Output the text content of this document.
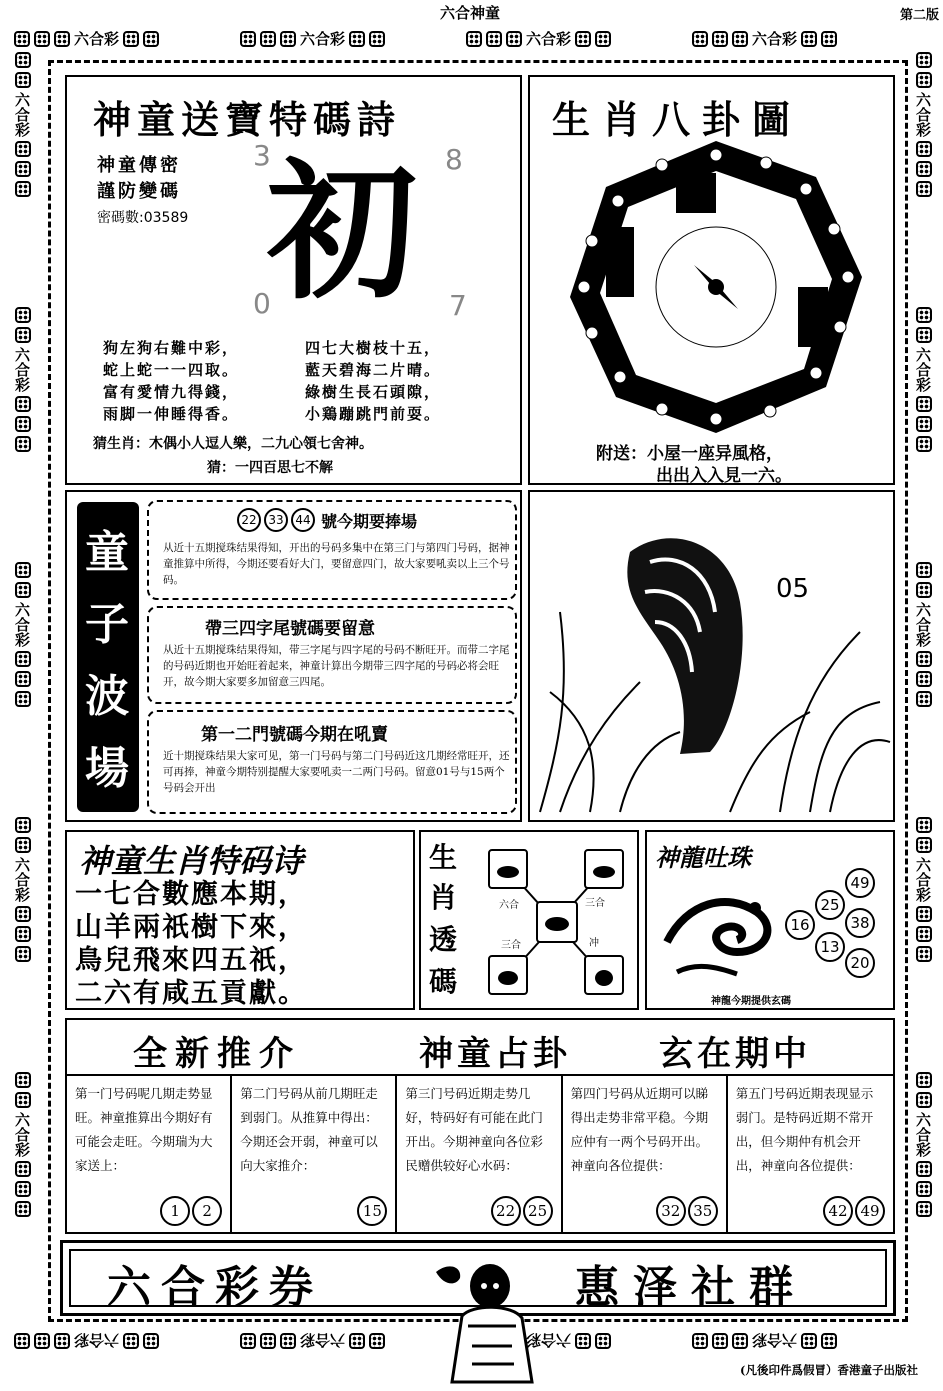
六合神童	第二版
六合彩	六合彩	六合彩	六合彩
六合彩	六合彩	六合彩	六合彩
六合彩
六合彩
六合彩
六合彩
六合彩
六合彩
六合彩
六合彩
六合彩
六合彩
神童送寶特碼詩
神童傳密
謹防變碼
密碼數:03589
3	8
0	7
初
狗左狗右難中彩，
蛇上蛇一一四取。
富有愛情九得錢，
雨脚一伸睡得香。
四七大樹枝十五，
藍天碧海二片晴。
綠樹生長石頭隙，
小鶏蹦跳門前耍。
猜生肖：木偶小人逗人樂，二九心領七舍神。
猜：一四百思七不解
生肖八卦圖
附送：小屋一座异風格，
出出入入見一六。
童
子
波
場
22 33 44 號今期要捧場
从近十五期搅珠结果得知，开出的号码多集中在第三门与第四门号码，据神童推算中所得，今期还要看好大门，要留意四门，故大家要吼卖以上三个号码。
帶三四字尾號碼要留意
从近十五期搅珠结果得知，带三字尾与四字尾的号码不断旺开。而带二字尾的号码近期也开始旺着起来，神童计算出今期带三四字尾的号码必将会旺开，故今期大家要多加留意三四尾。
第一二門號碼今期在吼賣
近十期搅珠结果大家可见，第一门号码与第二门号码近这几期经常旺开，还可再捧，神童今期特别提醒大家要吼卖一二两门号码。留意01号与15两个号码会开出
05
神童生肖特码诗
一七合數應本期，
山羊兩祇樹下來，
鳥兒飛來四五祇，
二六有咸五貢獻。
生
肖
透
碼
六合	三合
三合	冲
神龍吐珠
49
25
38
16
13
20
神龍今期提供玄碼
全新推介	神童占卦	玄在期中
第一门号码呢几期走势显旺。神童推算出今期好有可能会走旺。今期瑞为大家送上：
1	2
第二门号码从前几期旺走到弱门。从推算中得出：今期还会开弱，神童可以向大家推介：
15
第三门号码近期走势几好，特码好有可能在此门开出。今期神童向各位彩民赠供较好心水码：
22 25
第四门号码从近期可以睇得出走势非常平稳。今期应仲有一两个号码开出。神童向各位提供：
32 35
第五门号码近期表现显示弱门。是特码近期不常开出，但今期仲有机会开出，神童向各位提供：
42 49
六合彩券	惠泽社群
(凡後印件爲假冒）香港童子出版社
